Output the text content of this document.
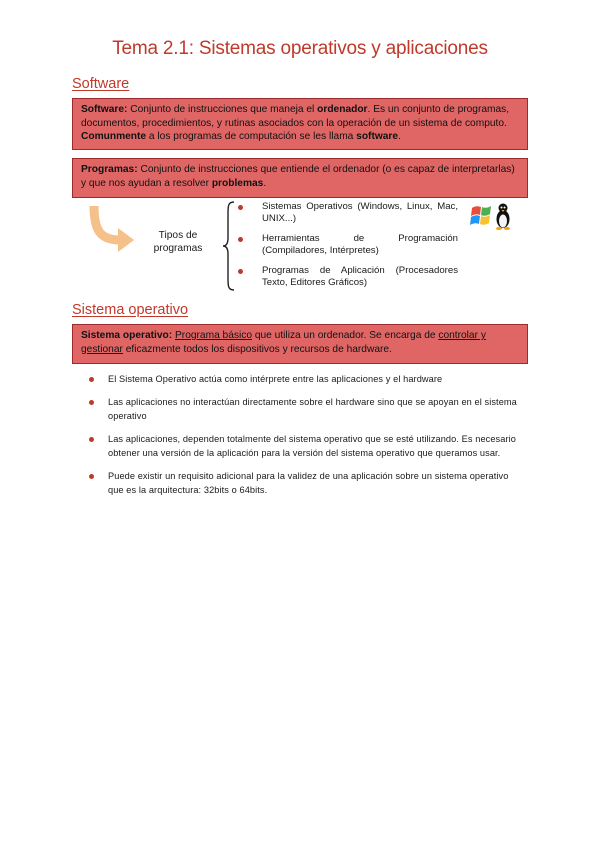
Tema 2.1: Sistemas operativos y aplicaciones
Software
Software: Conjunto de instrucciones que maneja el ordenador. Es un conjunto de programas, documentos, procedimientos, y rutinas asociados con la operación de un sistema de computo. Comunmente a los programas de computación se les llama software.
Programas: Conjunto de instrucciones que entiende el ordenador (o es capaz de interpretarlas) y que nos ayudan a resolver problemas.
Tipos de programas
Sistemas Operativos (Windows, Linux, Mac, UNIX...)
Herramientas de Programación (Compiladores, Intérpretes)
Programas de Aplicación (Procesadores Texto, Editores Gráficos)
Sistema operativo
Sistema operativo: Programa básico que utiliza un ordenador. Se encarga de controlar y gestionar eficazmente todos los dispositivos y recursos de hardware.
El Sistema Operativo actúa como intérprete entre las aplicaciones y el hardware
Las aplicaciones no interactúan directamente sobre el hardware sino que se apoyan en el sistema operativo
Las aplicaciones, dependen totalmente del sistema operativo que se esté utilizando. Es necesario obtener una versión de la aplicación para la versión del sistema operativo que queramos usar.
Puede existir un requisito adicional para la validez de una aplicación sobre un sistema operativo que es la arquitectura: 32bits o 64bits.
